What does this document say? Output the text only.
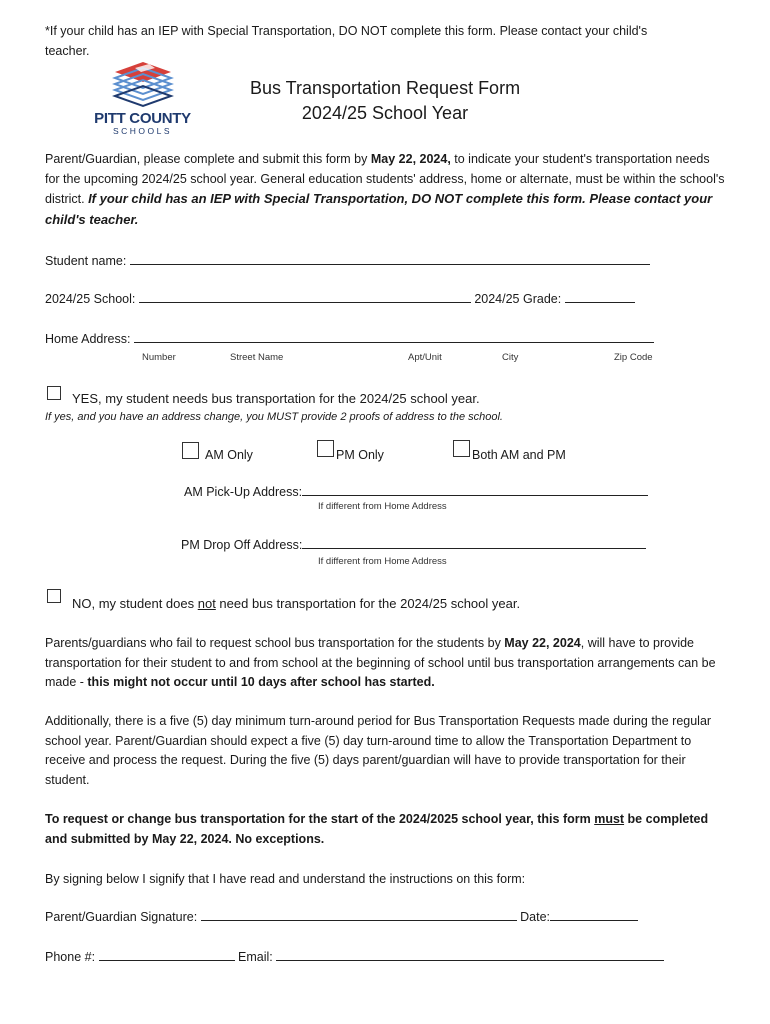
*If your child has an IEP with Special Transportation, DO NOT complete this form. Please contact your child's
teacher.
PITT COUNTY
SCHOOLS
Bus Transportation Request Form
2024/25 School Year
Parent/Guardian, please complete and submit this form by May 22, 2024, to indicate your student's transportation needs for the upcoming 2024/25 school year. General education students' address, home or alternate, must be within the school's district. If your child has an IEP with Special Transportation, DO NOT complete this form. Please contact your child's teacher.
Student name:
2024/25 School:	2024/25 Grade:
Home Address:
Number	Street Name	Apt/Unit	City	Zip Code
YES, my student needs bus transportation for the 2024/25 school year.
If yes, and you have an address change, you MUST provide 2 proofs of address to the school.
AM Only	PM Only	Both AM and PM
AM Pick-Up Address:
If different from Home Address
PM Drop Off Address:
If different from Home Address
NO, my student does not need bus transportation for the 2024/25 school year.
Parents/guardians who fail to request school bus transportation for the students by May 22, 2024, will have to provide transportation for their student to and from school at the beginning of school until bus transportation arrangements can be made - this might not occur until 10 days after school has started.
Additionally, there is a five (5) day minimum turn-around period for Bus Transportation Requests made during the regular school year. Parent/Guardian should expect a five (5) day turn-around time to allow the Transportation Department to receive and process the request. During the five (5) days parent/guardian will have to provide transportation for their student.
To request or change bus transportation for the start of the 2024/2025 school year, this form must be completed and submitted by May 22, 2024. No exceptions.
By signing below I signify that I have read and understand the instructions on this form:
Parent/Guardian Signature:	Date:
Phone #:	Email:
